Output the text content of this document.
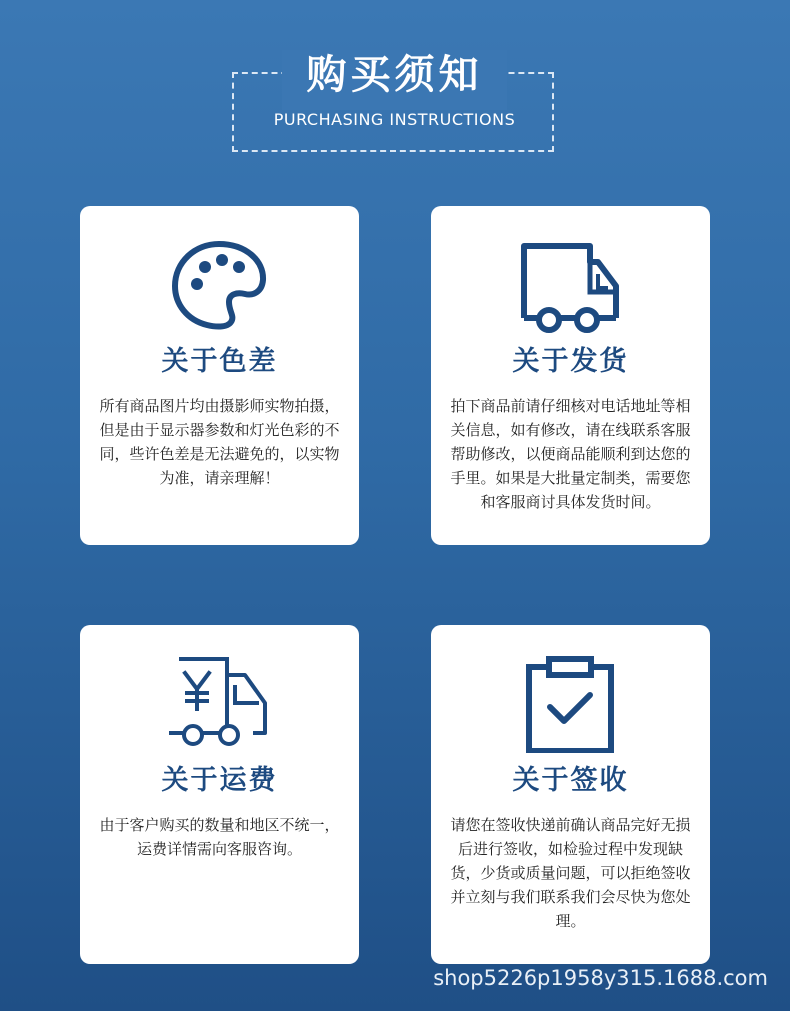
购买须知
PURCHASING INSTRUCTIONS
关于色差

所有商品图片均由摄影师实物拍摄，但是由于显示器参数和灯光色彩的不同，些许色差是无法避免的，以实物为准，请亲理解！

关于发货

拍下商品前请仔细核对电话地址等相关信息，如有修改，请在线联系客服帮助修改，以便商品能顺利到达您的手里。如果是大批量定制类，需要您和客服商讨具体发货时间。

关于运费

由于客户购买的数量和地区不统一，运费详情需向客服咨询。

关于签收

请您在签收快递前确认商品完好无损后进行签收，如检验过程中发现缺货，少货或质量问题，可以拒绝签收并立刻与我们联系我们会尽快为您处理。

shop5226p1958y315.1688.com
